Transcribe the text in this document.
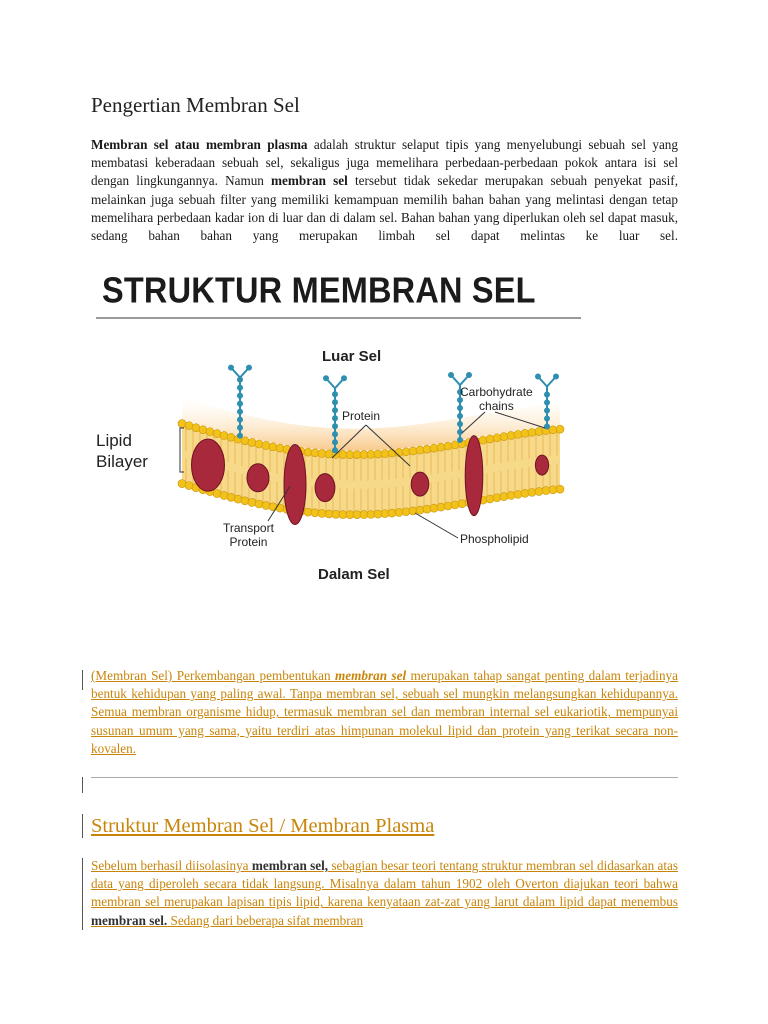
Pengertian Membran Sel

Membran sel atau membran plasma adalah struktur selaput tipis yang menyelubungi sebuah sel yang membatasi keberadaan sebuah sel, sekaligus juga memelihara perbedaan-perbedaan pokok antara isi sel dengan lingkungannya. Namun membran sel tersebut tidak sekedar merupakan sebuah penyekat pasif, melainkan juga sebuah filter yang memiliki kemampuan memilih bahan bahan yang melintasi dengan tetap memelihara perbedaan kadar ion di luar dan di dalam sel. Bahan bahan yang diperlukan oleh sel dapat masuk, sedang bahan bahan yang merupakan limbah sel dapat melintas ke luar sel.

STRUKTUR MEMBRAN SEL
Luar Sel
Lipid
Bilayer
Protein
Carbohydrate
chains
Transport
Protein	Phospholipid
Dalam Sel

(Membran Sel) Perkembangan pembentukan membran sel merupakan tahap sangat penting dalam terjadinya bentuk kehidupan yang paling awal. Tanpa membran sel, sebuah sel mungkin melangsungkan kehidupannya. Semua membran organisme hidup, termasuk membran sel dan membran internal sel eukariotik, mempunyai susunan umum yang sama, yaitu terdiri atas himpunan molekul lipid dan protein yang terikat secara non-kovalen.

Struktur Membran Sel / Membran Plasma

Sebelum berhasil diisolasinya membran sel, sebagian besar teori tentang struktur membran sel didasarkan atas data yang diperoleh secara tidak langsung. Misalnya dalam tahun 1902 oleh Overton diajukan teori bahwa membran sel merupakan lapisan tipis lipid, karena kenyataan zat-zat yang larut dalam lipid dapat menembus membran sel. Sedang dari beberapa sifat membran
